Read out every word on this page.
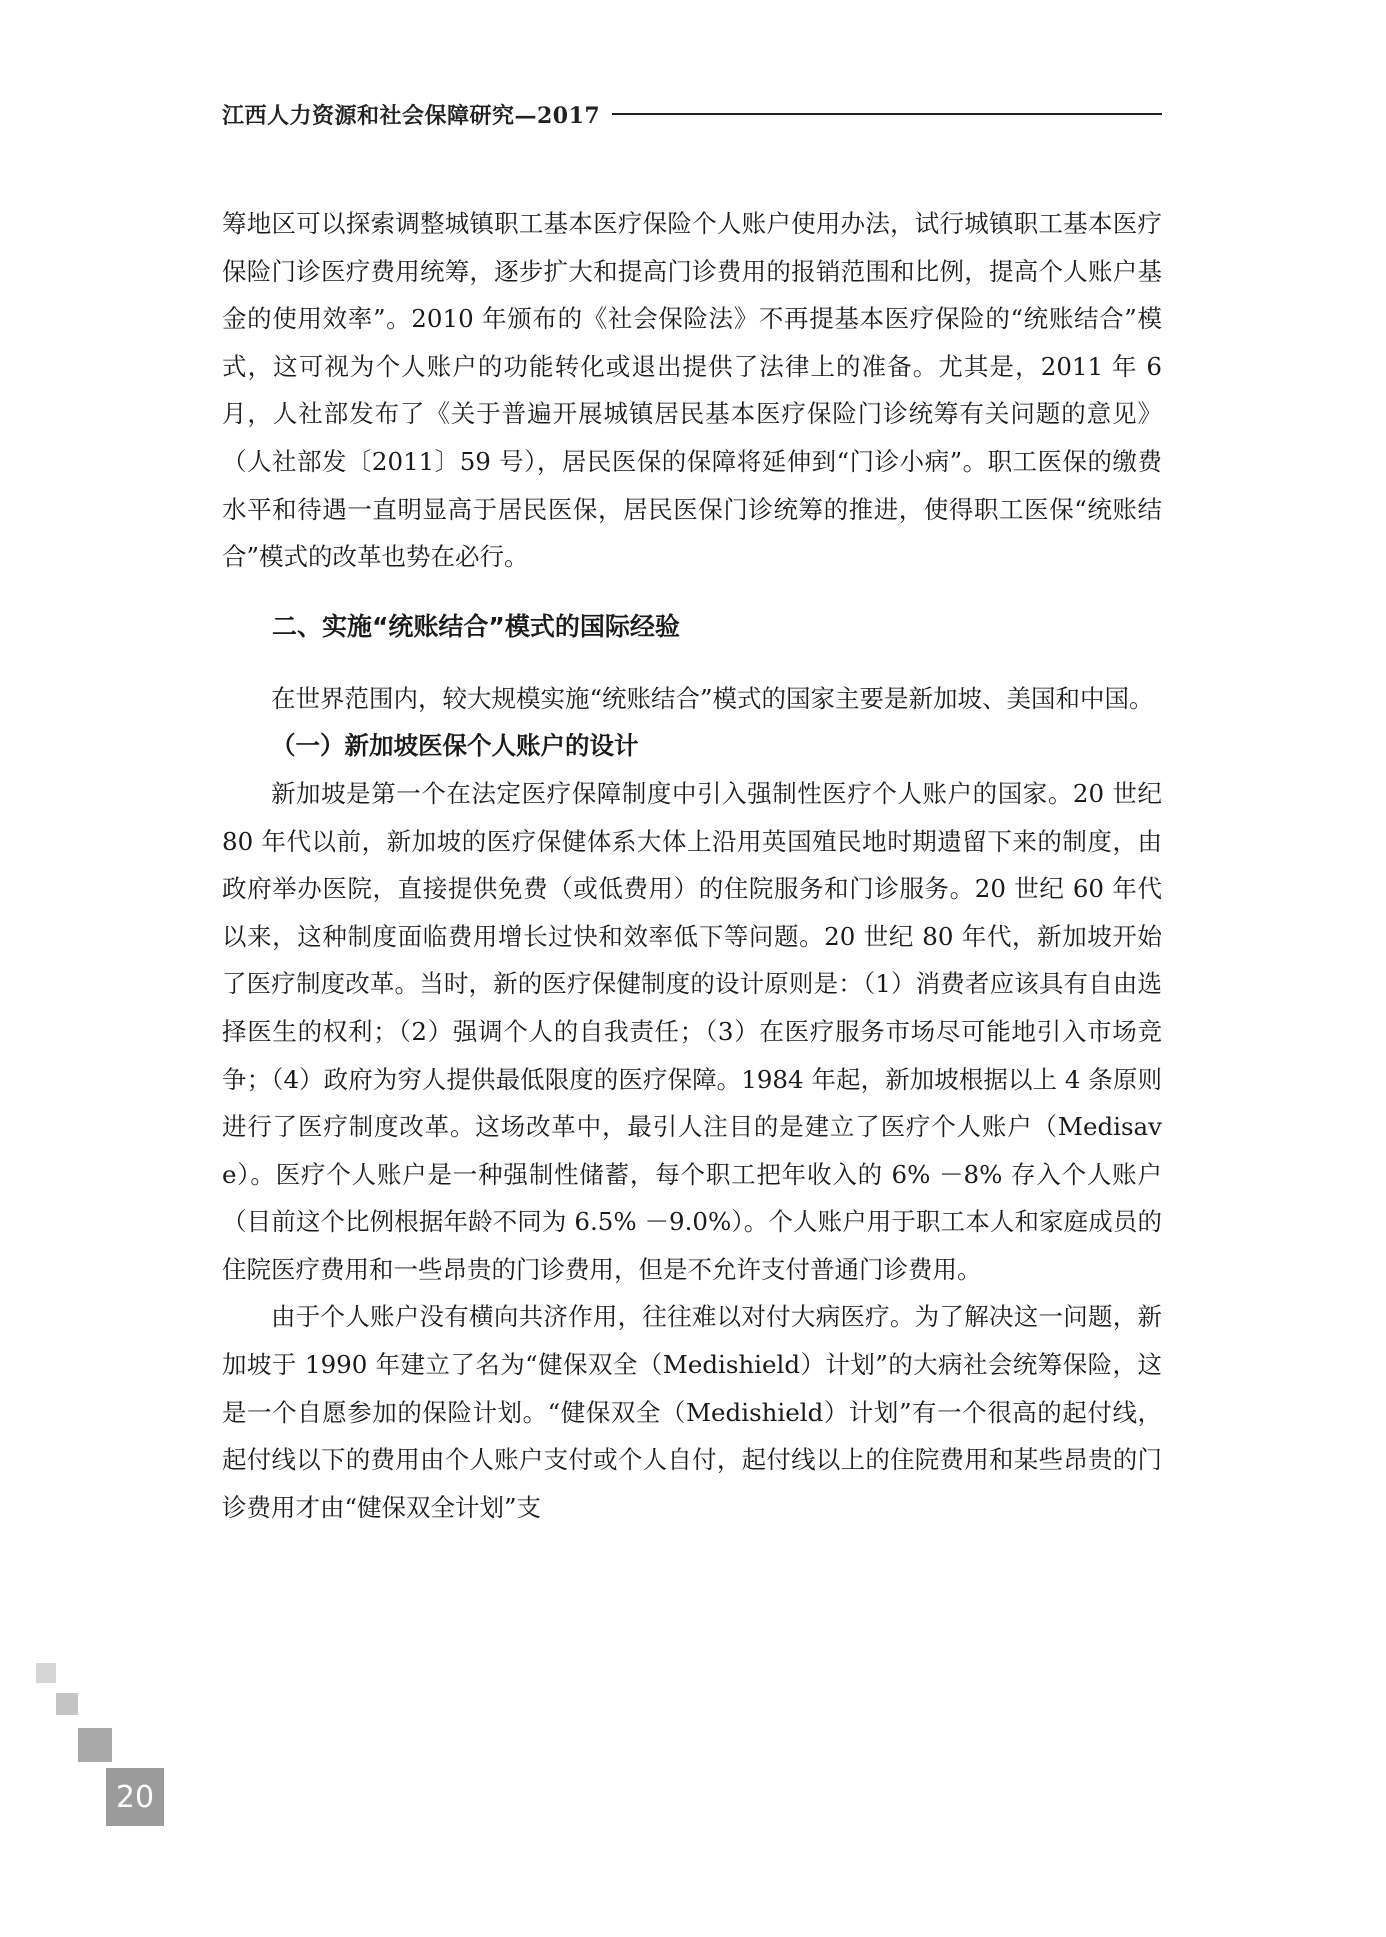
江西人力资源和社会保障研究—2017

筹地区可以探索调整城镇职工基本医疗保险个人账户使用办法，试行城镇职工基本医疗保险门诊医疗费用统筹，逐步扩大和提高门诊费用的报销范围和比例，提高个人账户基金的使用效率”。2010 年颁布的《社会保险法》不再提基本医疗保险的“统账结合”模式，这可视为个人账户的功能转化或退出提供了法律上的准备。尤其是，2011 年 6 月，人社部发布了《关于普遍开展城镇居民基本医疗保险门诊统筹有关问题的意见》（人社部发〔2011〕59 号），居民医保的保障将延伸到“门诊小病”。职工医保的缴费水平和待遇一直明显高于居民医保，居民医保门诊统筹的推进，使得职工医保“统账结合”模式的改革也势在必行。

二、实施“统账结合”模式的国际经验

在世界范围内，较大规模实施“统账结合”模式的国家主要是新加坡、美国和中国。

（一）新加坡医保个人账户的设计

新加坡是第一个在法定医疗保障制度中引入强制性医疗个人账户的国家。20 世纪 80 年代以前，新加坡的医疗保健体系大体上沿用英国殖民地时期遗留下来的制度，由政府举办医院，直接提供免费（或低费用）的住院服务和门诊服务。20 世纪 60 年代以来，这种制度面临费用增长过快和效率低下等问题。20 世纪 80 年代，新加坡开始了医疗制度改革。当时，新的医疗保健制度的设计原则是：（1）消费者应该具有自由选择医生的权利；（2）强调个人的自我责任；（3）在医疗服务市场尽可能地引入市场竞争；（4）政府为穷人提供最低限度的医疗保障。1984 年起，新加坡根据以上 4 条原则进行了医疗制度改革。这场改革中，最引人注目的是建立了医疗个人账户（Medisave）。医疗个人账户是一种强制性储蓄，每个职工把年收入的 6% －8% 存入个人账户（目前这个比例根据年龄不同为 6.5% －9.0%）。个人账户用于职工本人和家庭成员的住院医疗费用和一些昂贵的门诊费用，但是不允许支付普通门诊费用。

由于个人账户没有横向共济作用，往往难以对付大病医疗。为了解决这一问题，新加坡于 1990 年建立了名为“健保双全（Medishield）计划”的大病社会统筹保险，这是一个自愿参加的保险计划。“健保双全（Medishield）计划”有一个很高的起付线，起付线以下的费用由个人账户支付或个人自付，起付线以上的住院费用和某些昂贵的门诊费用才由“健保双全计划”支

20
